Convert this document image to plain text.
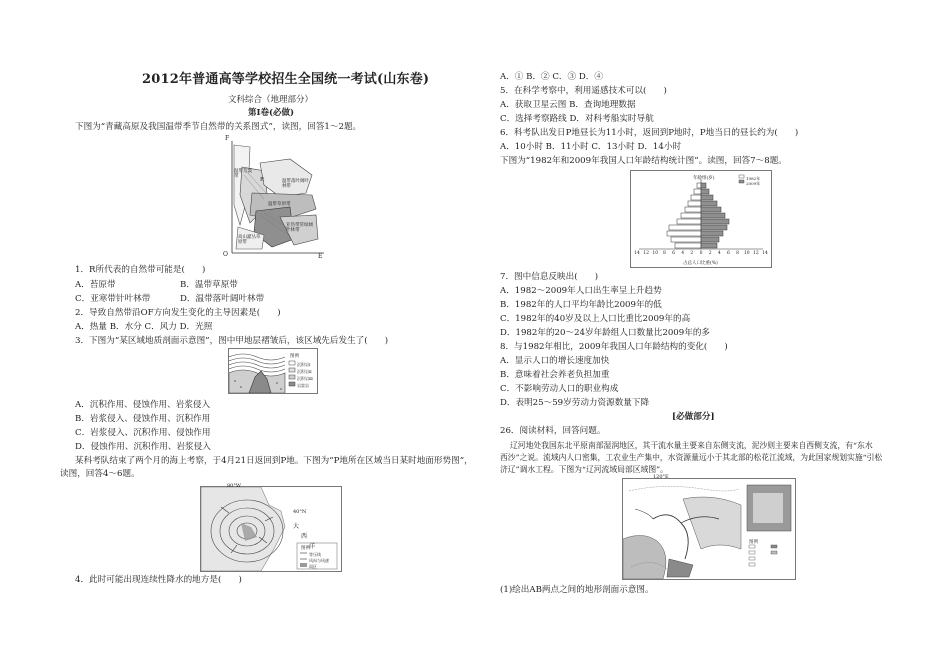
2012年普通高等学校招生全国统一考试(山东卷)
文科综合（地理部分）
第Ⅰ卷(必做)
下图为“青藏高原及我国温带季节自然带的关系图式”，读图，回答1～2题。
F
O	E
温带荒漠带
R
温带草原带
温带落叶阔叶林带
亚热带常绿阔叶林带
高山灌丛草原带
1．R所代表的自然带可能是(　　)
A．苔原带	B．温带草原带
C．亚寒带针叶林带	D．温带落叶阔叶林带
2．导致自然带沿OF方向发生变化的主导因素是(　　)
A．热量 B．水分 C．风力 D．光照
3．下图为“某区域地质剖面示意图”，图中甲地层褶皱后，该区域先后发生了(　　)
图例
沉积岩Ⅰ
沉积岩Ⅱ
沉积岩Ⅲ
岩浆岩
A．沉积作用、侵蚀作用、岩浆侵入
B．岩浆侵入、侵蚀作用、沉积作用
C．岩浆侵入、沉积作用、侵蚀作用
D．侵蚀作用、沉积作用、岩浆侵入
某科考队结束了两个月的海上考察，于4月21日返回到P地。下图为“P地所在区域当日某时地面形势图”，
读图，回答4～6题。
80°W
40°N
大
西
洋
图例
等压线
风向与风速
雨区
4．此时可能出现连续性降水的地方是(　　)
A．① B．② C．③ D．④
5．在科学考察中，利用遥感技术可以(　　)
A．获取卫星云图 B．查询地理数据
C．选择考察路线 D．对科考船实时导航
6．科考队出发日P地昼长为11小时，返回到P地时，P地当日的昼长约为(　　)
A．10小时 B．11小时 C．13小时 D．14小时
下图为“1982年和2009年我国人口年龄结构统计图”。读图，回答7～8题。
年龄组(岁)	1982年
2009年
14 12 10 8 6 4 2 0 2 4 6 8 10 12 14
占总人口比重(%)
7．图中信息反映出(　　)
A．1982～2009年人口出生率呈上升趋势
B．1982年的人口平均年龄比2009年的低
C．1982年的40岁及以上人口比重比2009年的高
D．1982年的20～24岁年龄组人口数量比2009年的多
8．与1982年相比，2009年我国人口年龄结构的变化(　　)
A．显示人口的增长速度加快
B．意味着社会养老负担加重
C．不影响劳动人口的职业构成
D．表明25～59岁劳动力资源数量下降
[必做部分]
26．阅读材料，回答问题。
辽河地处我国东北平原南部湿润地区，其干流水量主要来自东侧支流，泥沙则主要来自西侧支流，有“东水
西沙”之说。流域内人口密集，工农业生产集中，水资源量远小于其北部的松花江流域，为此国家规划实施“引松
济辽”调水工程。下图为“辽河流域局部区域图”。
120°E
图例
(1)绘出AB两点之间的地形剖面示意图。
